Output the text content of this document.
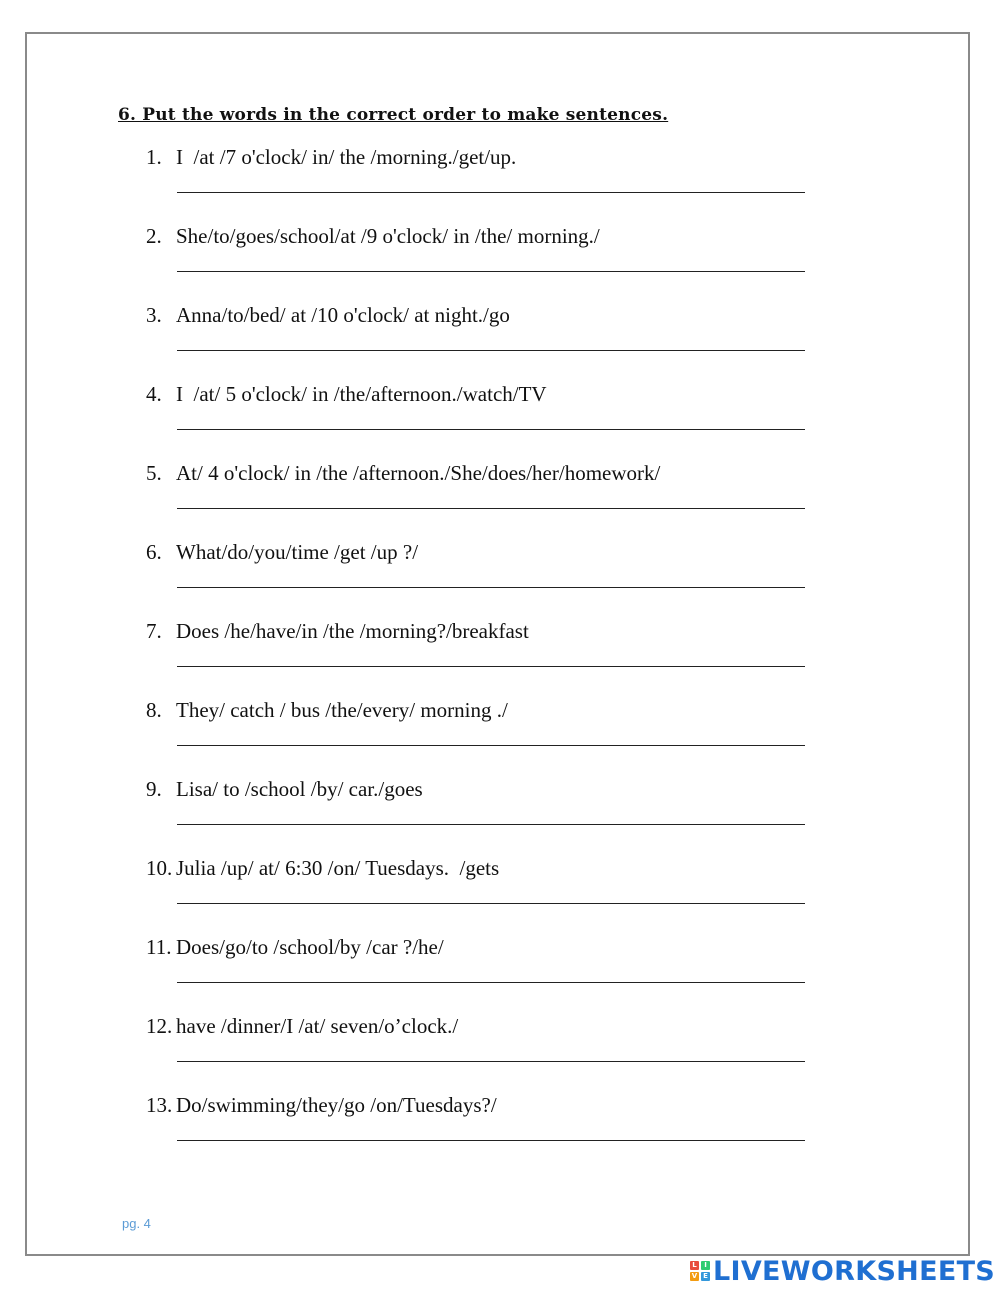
6. Put the words in the correct order to make sentences.
1. I  /at /7 o'clock/ in/ the /morning./get/up.
2. She/to/goes/school/at /9 o'clock/ in /the/ morning./
3. Anna/to/bed/ at /10 o'clock/ at night./go
4. I  /at/ 5 o'clock/ in /the/afternoon./watch/TV
5. At/ 4 o'clock/ in /the /afternoon./She/does/her/homework/
6. What/do/you/time /get /up ?/
7. Does /he/have/in /the /morning?/breakfast
8. They/ catch / bus /the/every/ morning ./
9. Lisa/ to /school /by/ car./goes
10. Julia /up/ at/ 6:30 /on/ Tuesdays.  /gets
11. Does/go/to /school/by /car ?/he/
12. have /dinner/I /at/ seven/o’clock./
13. Do/swimming/they/go /on/Tuesdays?/
pg. 4
L	I
V E LIVEWORKSHEETS
